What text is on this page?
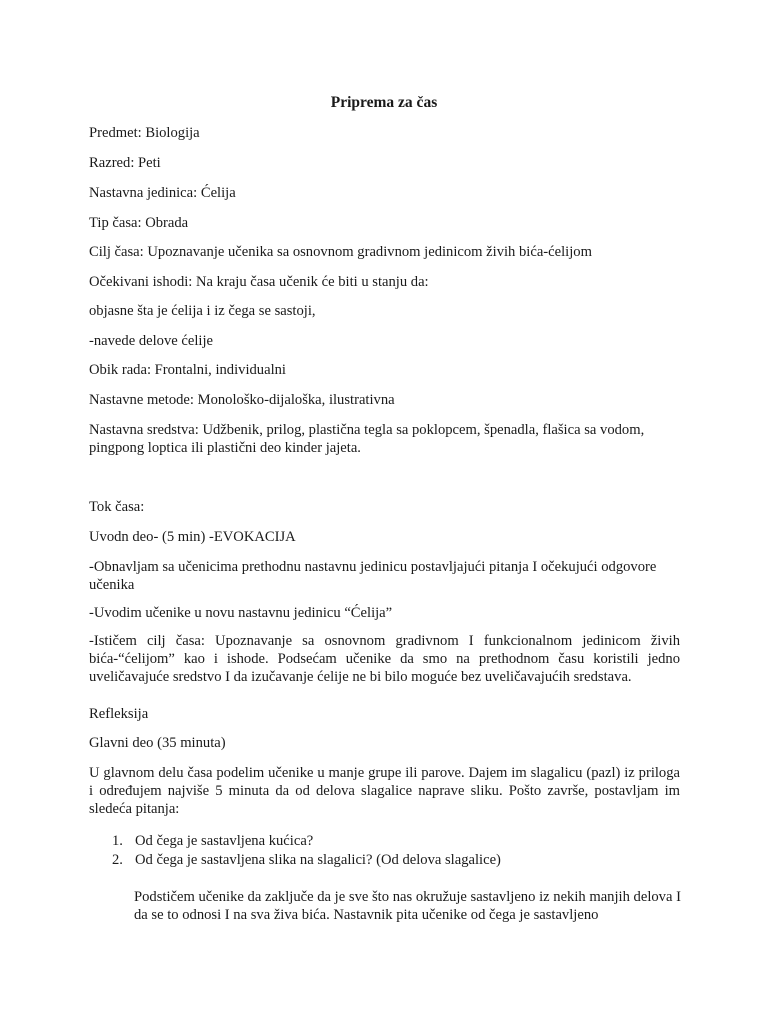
Priprema za čas

Predmet: Biologija

Razred: Peti

Nastavna jedinica: Ćelija

Tip časa: Obrada

Cilj časa: Upoznavanje učenika sa osnovnom gradivnom jedinicom živih bića-ćelijom

Očekivani ishodi: Na kraju časa učenik će biti u stanju da:

objasne šta je ćelija i iz čega se sastoji,

-navede delove ćelije

Obik rada: Frontalni, individualni

Nastavne metode: Monološko-dijaloška, ilustrativna

Nastavna sredstva: Udžbenik, prilog, plastična tegla sa poklopcem, špenadla, flašica sa vodom, pingpong loptica ili plastični deo kinder jajeta.

Tok časa:

Uvodn deo- (5 min) -EVOKACIJA

-Obnavljam sa učenicima prethodnu nastavnu jedinicu postavljajući pitanja I očekujući odgovore učenika

-Uvodim učenike u novu nastavnu jedinicu “Ćelija”

-Ističem cilj časa: Upoznavanje sa osnovnom gradivnom I funkcionalnom jedinicom živih bića-“ćelijom” kao i ishode. Podsećam učenike da smo na prethodnom času koristili jedno uveličavajuće sredstvo I da izučavanje ćelije ne bi bilo moguće bez uveličavajućih sredstava.

Refleksija

Glavni deo (35 minuta)

U glavnom delu časa podelim učenike u manje grupe ili parove. Dajem im slagalicu (pazl) iz priloga i određujem najviše 5 minuta da od delova slagalice naprave sliku. Pošto završe, postavljam im sledeća pitanja:

1. Od čega je sastavljena kućica?
2. Od čega je sastavljena slika na slagalici? (Od delova slagalice)

Podstičem učenike da zaključe da je sve što nas okružuje sastavljeno iz nekih manjih delova I da se to odnosi I na sva živa bića. Nastavnik pita učenike od čega je sastavljeno
